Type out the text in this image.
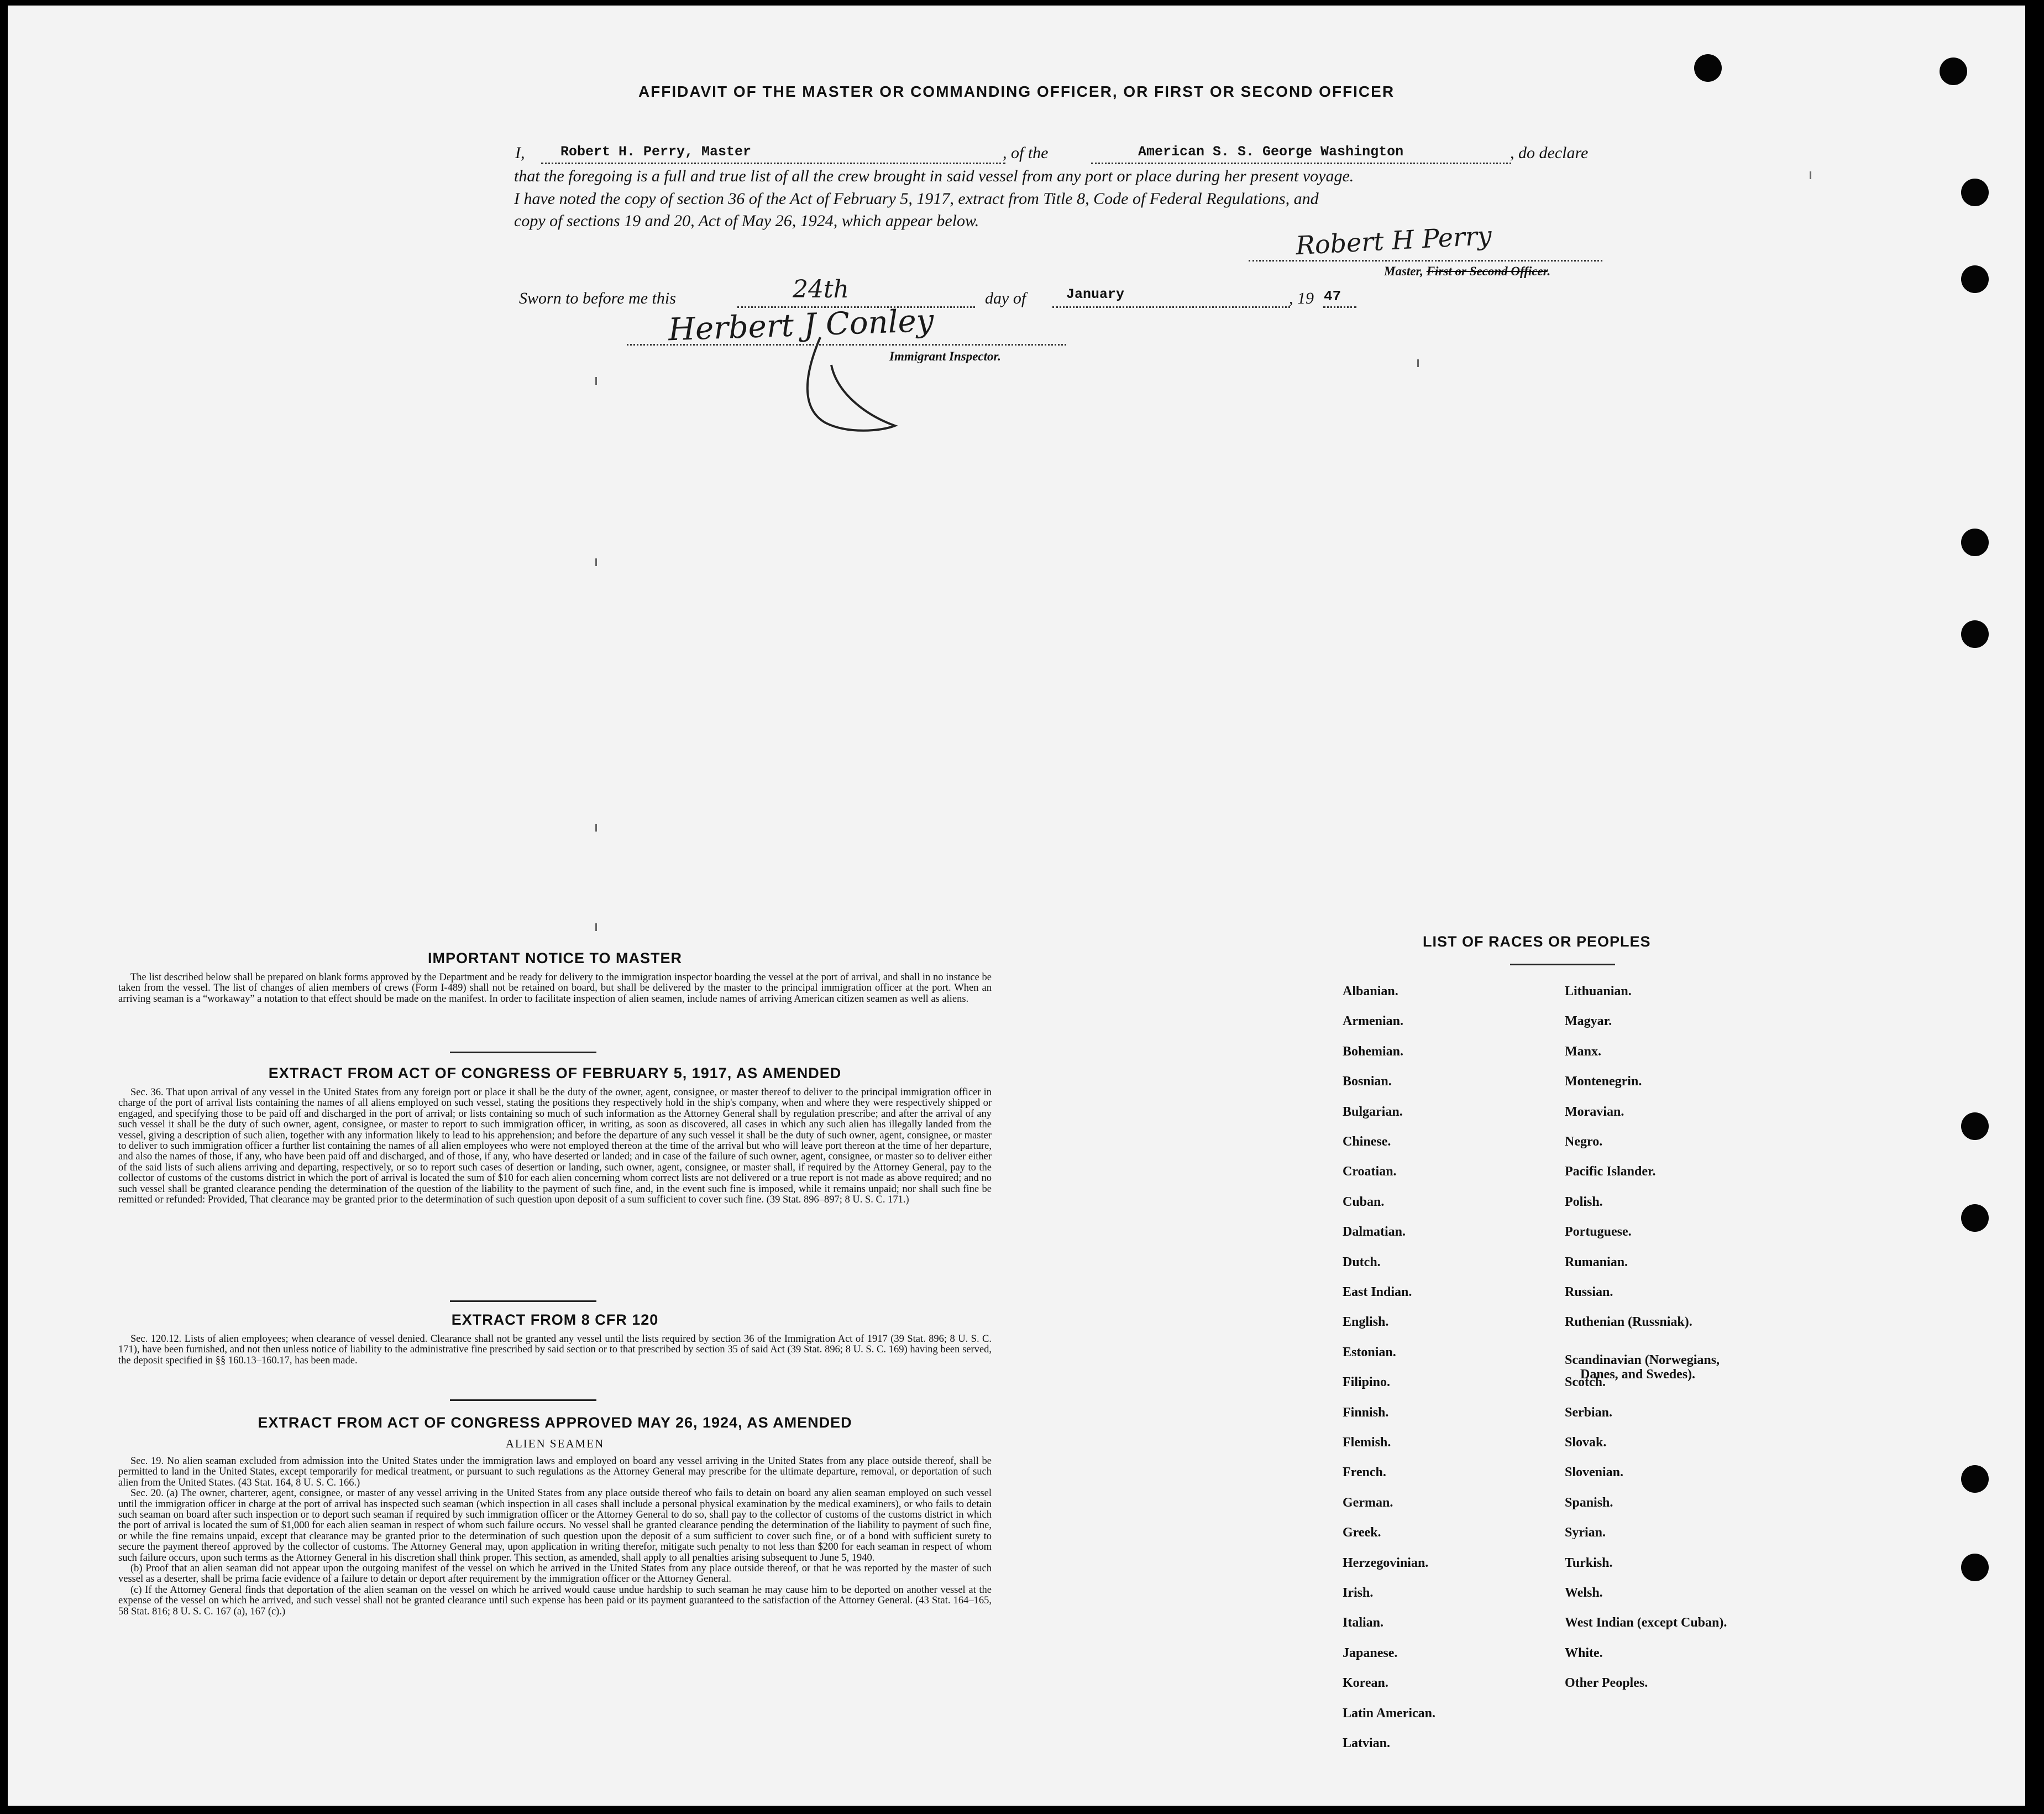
AFFIDAVIT OF THE MASTER OR COMMANDING OFFICER, OR FIRST OR SECOND OFFICER
I,	Robert H. Perry, Master	, of the	American S. S. George Washington	, do declare
that the foregoing is a full and true list of all the crew brought in said vessel from any port or place during her present voyage.
I have noted the copy of section 36 of the Act of February 5, 1917, extract from Title 8, Code of Federal Regulations, and
copy of sections 19 and 20, Act of May 26, 1924, which appear below.	Robert H Perry
Master, First or Second Officer.
Sworn to before me this	24th	day of	January	, 19 47
Herbert J Conley
Immigrant Inspector.
IMPORTANT NOTICE TO MASTER

The list described below shall be prepared on blank forms approved by the Department and be ready for delivery to the immigration inspector boarding the vessel at the port of arrival, and shall in no instance be taken from the vessel. The list of changes of alien members of crews (Form I-489) shall not be retained on board, but shall be delivered by the master to the principal immigration officer at the port. When an arriving seaman is a “workaway” a notation to that effect should be made on the manifest. In order to facilitate inspection of alien seamen, include names of arriving American citizen seamen as well as aliens.

EXTRACT FROM ACT OF CONGRESS OF FEBRUARY 5, 1917, AS AMENDED

Sec. 36. That upon arrival of any vessel in the United States from any foreign port or place it shall be the duty of the owner, agent, consignee, or master thereof to deliver to the principal immigration officer in charge of the port of arrival lists containing the names of all aliens employed on such vessel, stating the positions they respectively hold in the ship's company, when and where they were respectively shipped or engaged, and specifying those to be paid off and discharged in the port of arrival; or lists containing so much of such information as the Attorney General shall by regulation prescribe; and after the arrival of any such vessel it shall be the duty of such owner, agent, consignee, or master to report to such immigration officer, in writing, as soon as discovered, all cases in which any such alien has illegally landed from the vessel, giving a description of such alien, together with any information likely to lead to his apprehension; and before the departure of any such vessel it shall be the duty of such owner, agent, consignee, or master to deliver to such immigration officer a further list containing the names of all alien employees who were not employed thereon at the time of the arrival but who will leave port thereon at the time of her departure, and also the names of those, if any, who have been paid off and discharged, and of those, if any, who have deserted or landed; and in case of the failure of such owner, agent, consignee, or master so to deliver either of the said lists of such aliens arriving and departing, respectively, or so to report such cases of desertion or landing, such owner, agent, consignee, or master shall, if required by the Attorney General, pay to the collector of customs of the customs district in which the port of arrival is located the sum of $10 for each alien concerning whom correct lists are not delivered or a true report is not made as above required; and no such vessel shall be granted clearance pending the determination of the question of the liability to the payment of such fine, and, in the event such fine is imposed, while it remains unpaid; nor shall such fine be remitted or refunded: Provided, That clearance may be granted prior to the determination of such question upon deposit of a sum sufficient to cover such fine. (39 Stat. 896–897; 8 U. S. C. 171.)

EXTRACT FROM 8 CFR 120

Sec. 120.12. Lists of alien employees; when clearance of vessel denied. Clearance shall not be granted any vessel until the lists required by section 36 of the Immigration Act of 1917 (39 Stat. 896; 8 U. S. C. 171), have been furnished, and not then unless notice of liability to the administrative fine prescribed by said section or to that prescribed by section 35 of said Act (39 Stat. 896; 8 U. S. C. 169) having been served, the deposit specified in §§ 160.13–160.17, has been made.

EXTRACT FROM ACT OF CONGRESS APPROVED MAY 26, 1924, AS AMENDED
ALIEN SEAMEN

Sec. 19. No alien seaman excluded from admission into the United States under the immigration laws and employed on board any vessel arriving in the United States from any place outside thereof, shall be permitted to land in the United States, except temporarily for medical treatment, or pursuant to such regulations as the Attorney General may prescribe for the ultimate departure, removal, or deportation of such alien from the United States. (43 Stat. 164, 8 U. S. C. 166.)

Sec. 20. (a) The owner, charterer, agent, consignee, or master of any vessel arriving in the United States from any place outside thereof who fails to detain on board any alien seaman employed on such vessel until the immigration officer in charge at the port of arrival has inspected such seaman (which inspection in all cases shall include a personal physical examination by the medical examiners), or who fails to detain such seaman on board after such inspection or to deport such seaman if required by such immigration officer or the Attorney General to do so, shall pay to the collector of customs of the customs district in which the port of arrival is located the sum of $1,000 for each alien seaman in respect of whom such failure occurs. No vessel shall be granted clearance pending the determination of the liability to payment of such fine, or while the fine remains unpaid, except that clearance may be granted prior to the determination of such question upon the deposit of a sum sufficient to cover such fine, or of a bond with sufficient surety to secure the payment thereof approved by the collector of customs. The Attorney General may, upon application in writing therefor, mitigate such penalty to not less than $200 for each seaman in respect of whom such failure occurs, upon such terms as the Attorney General in his discretion shall think proper. This section, as amended, shall apply to all penalties arising subsequent to June 5, 1940.

(b) Proof that an alien seaman did not appear upon the outgoing manifest of the vessel on which he arrived in the United States from any place outside thereof, or that he was reported by the master of such vessel as a deserter, shall be prima facie evidence of a failure to detain or deport after requirement by the immigration officer or the Attorney General.

(c) If the Attorney General finds that deportation of the alien seaman on the vessel on which he arrived would cause undue hardship to such seaman he may cause him to be deported on another vessel at the expense of the vessel on which he arrived, and such vessel shall not be granted clearance until such expense has been paid or its payment guaranteed to the satisfaction of the Attorney General. (43 Stat. 164–165, 58 Stat. 816; 8 U. S. C. 167 (a), 167 (c).)

LIST OF RACES OR PEOPLES
Albanian.
Armenian.
Bohemian.
Bosnian.
Bulgarian.
Chinese.
Croatian.
Cuban.
Dalmatian.
Dutch.
East Indian.
English.
Estonian.
Filipino.
Finnish.
Flemish.
French.
German.
Greek.
Herzegovinian.
Irish.
Italian.
Japanese.
Korean.
Latin American.
Latvian.
Lithuanian.
Magyar.
Manx.
Montenegrin.
Moravian.
Negro.
Pacific Islander.
Polish.
Portuguese.
Rumanian.
Russian.
Ruthenian (Russniak).
Scandinavian (Norwegians,
Danes, and Swedes).
Scotch.
Serbian.
Slovak.
Slovenian.
Spanish.
Syrian.
Turkish.
Welsh.
West Indian (except Cuban).
White.
Other Peoples.
